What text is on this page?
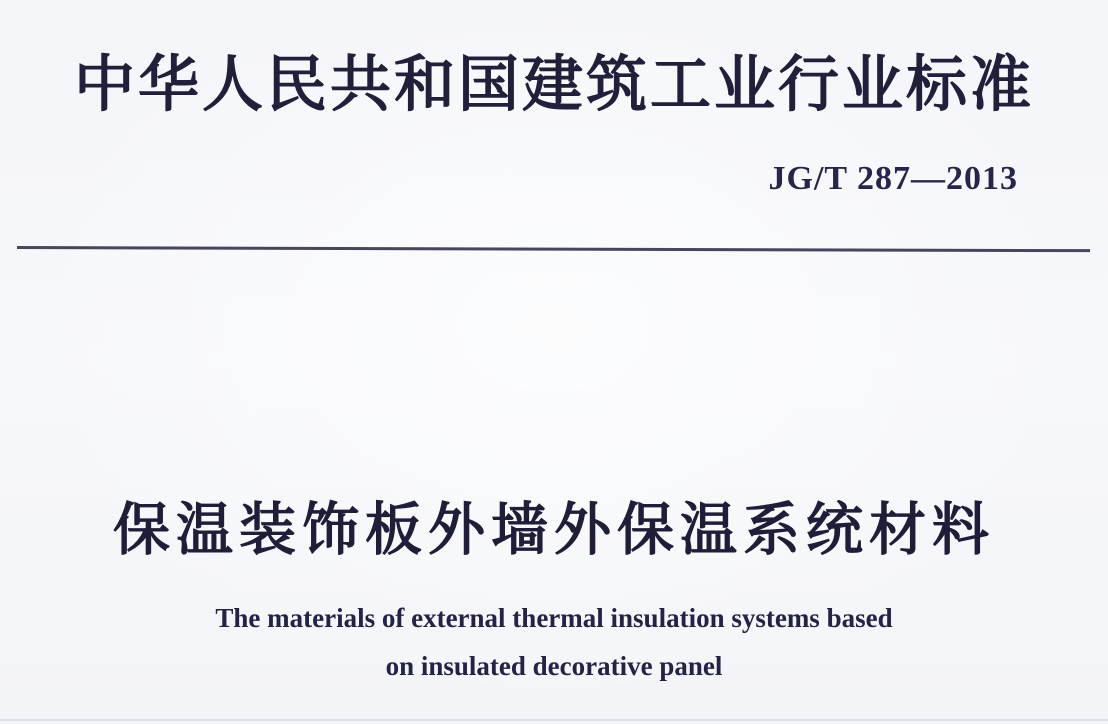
中华人民共和国建筑工业行业标准
JG/T 287—2013
保温装饰板外墙外保温系统材料
The materials of external thermal insulation systems based
on insulated decorative panel
